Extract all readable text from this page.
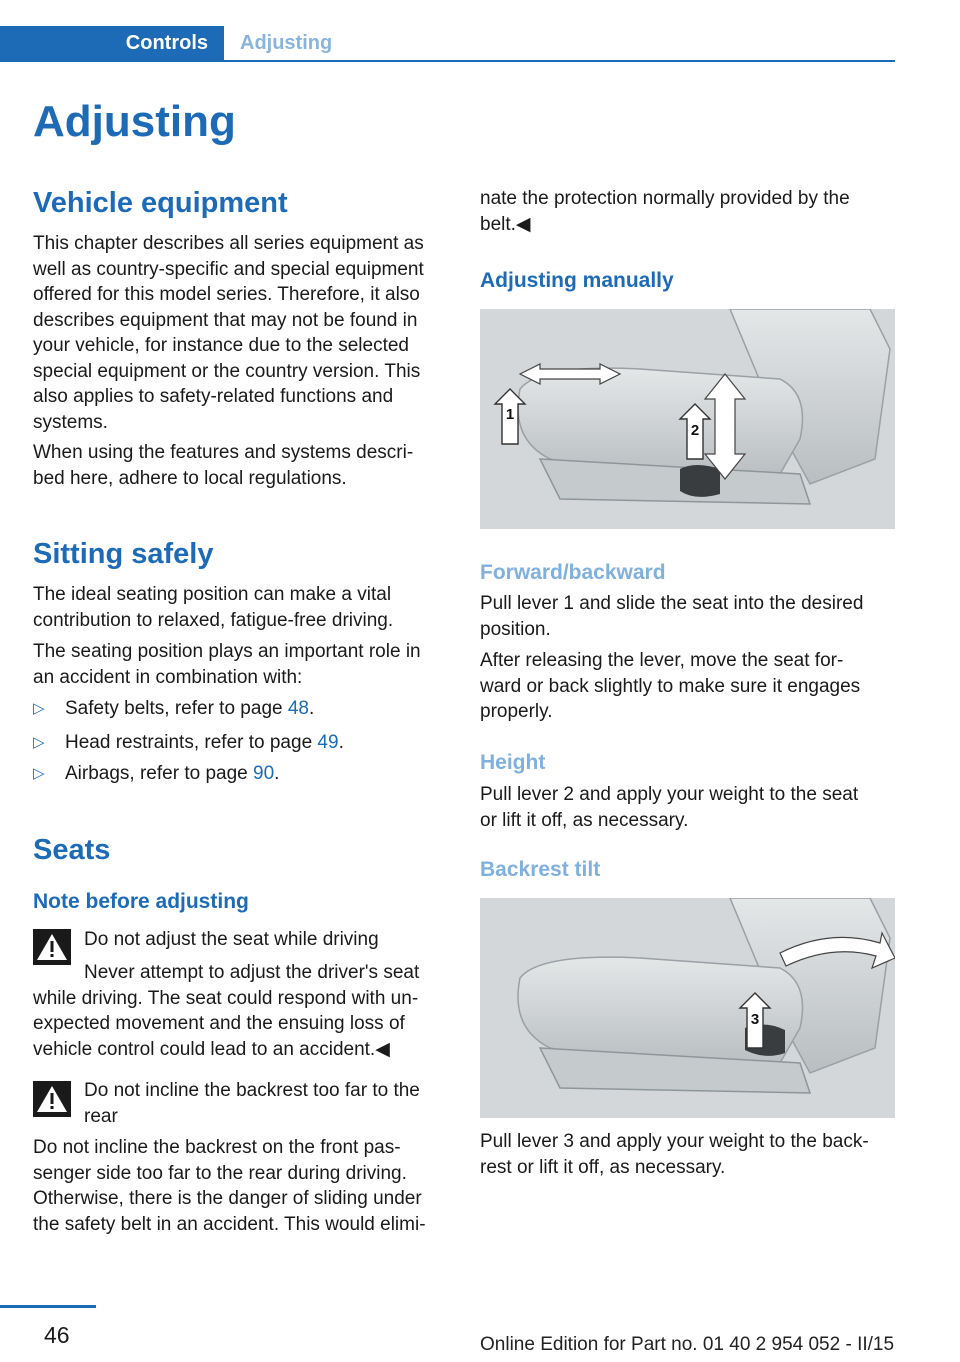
Controls	Adjusting
Adjusting
Vehicle equipment

This chapter describes all series equipment as
well as country-specific and special equipment
offered for this model series. Therefore, it also
describes equipment that may not be found in
your vehicle, for instance due to the selected
special equipment or the country version. This
also applies to safety-related functions and
systems.

When using the features and systems descri‐
bed here, adhere to local regulations.

Sitting safely

The ideal seating position can make a vital
contribution to relaxed, fatigue-free driving.

The seating position plays an important role in
an accident in combination with:

▷ Safety belts, refer to page 48.
▷ Head restraints, refer to page 49.
▷ Airbags, refer to page 90.
Seats
Note before adjusting

Do not adjust the seat while driving

Never attempt to adjust the driver's seat
while driving. The seat could respond with un‐
expected movement and the ensuing loss of
vehicle control could lead to an accident.◀

Do not incline the backrest too far to the
rear

Do not incline the backrest on the front pas‐
senger side too far to the rear during driving.
Otherwise, there is the danger of sliding under
the safety belt in an accident. This would elimi‐

nate the protection normally provided by the
belt.◀

Adjusting manually
1
2
Forward/backward

Pull lever 1 and slide the seat into the desired
position.

After releasing the lever, move the seat for‐
ward or back slightly to make sure it engages
properly.

Height

Pull lever 2 and apply your weight to the seat
or lift it off, as necessary.

Backrest tilt
3

Pull lever 3 and apply your weight to the back‐
rest or lift it off, as necessary.

46	Online Edition for Part no. 01 40 2 954 052 - II/15
